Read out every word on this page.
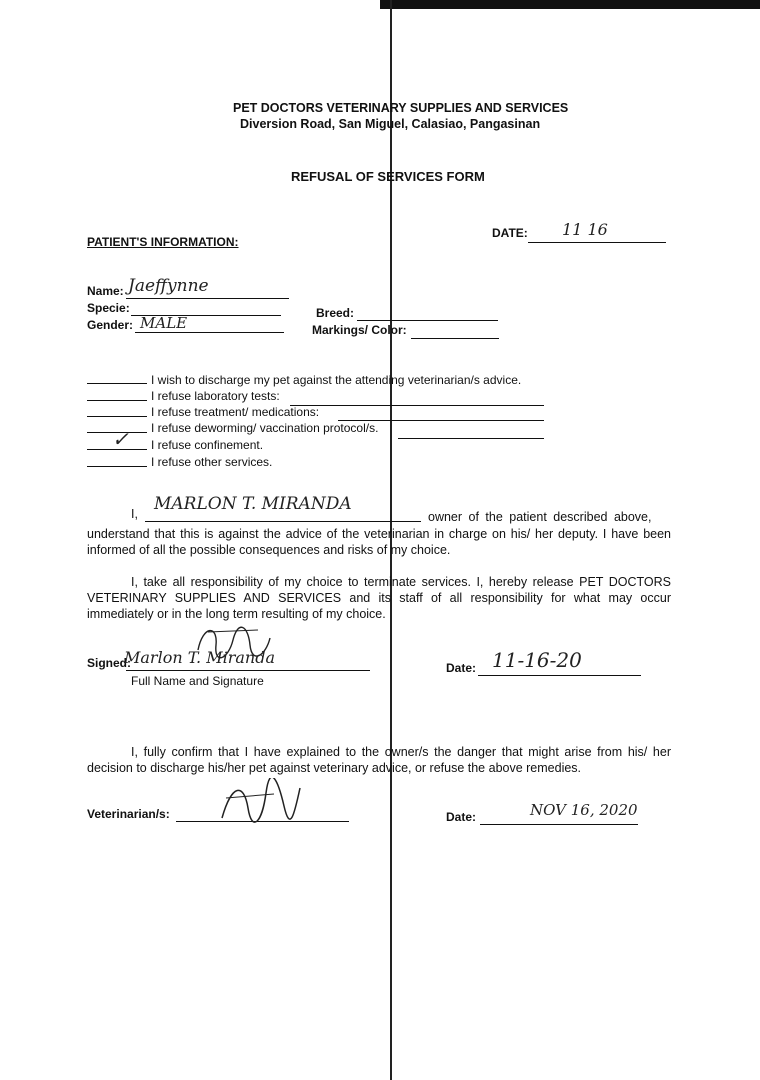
PET DOCTORS VETERINARY SUPPLIES AND SERVICES
Diversion Road, San Miguel, Calasiao, Pangasinan
REFUSAL OF SERVICES FORM
DATE: 11 16
PATIENT'S INFORMATION:
Name: Jaeffynne
Specie:
Gender: MALE
Breed:
Markings/ Color:
I wish to discharge my pet against the attending veterinarian/s advice.
I refuse laboratory tests:
I refuse treatment/ medications:
I refuse deworming/ vaccination protocol/s.
✓ I refuse confinement.
I refuse other services.
I, MARLON T. MIRANDA
owner of the patient described above,
understand that this is against the advice of the veterinarian in charge on his/ her deputy. I have been informed of all the possible consequences and risks of my choice.
I, take all responsibility of my choice to terminate services. I, hereby release PET DOCTORS VETERINARY SUPPLIES AND SERVICES and its staff of all responsibility for what may occur immediately or in the long term resulting of my choice.
Signed:
Marlon T. Miranda
Full Name and Signature
Date: 11-16-20
I, fully confirm that I have explained to the owner/s the danger that might arise from his/ her decision to discharge his/her pet against veterinary advice, or refuse the above remedies.
Veterinarian/s:	Date:	NOV 16, 2020
